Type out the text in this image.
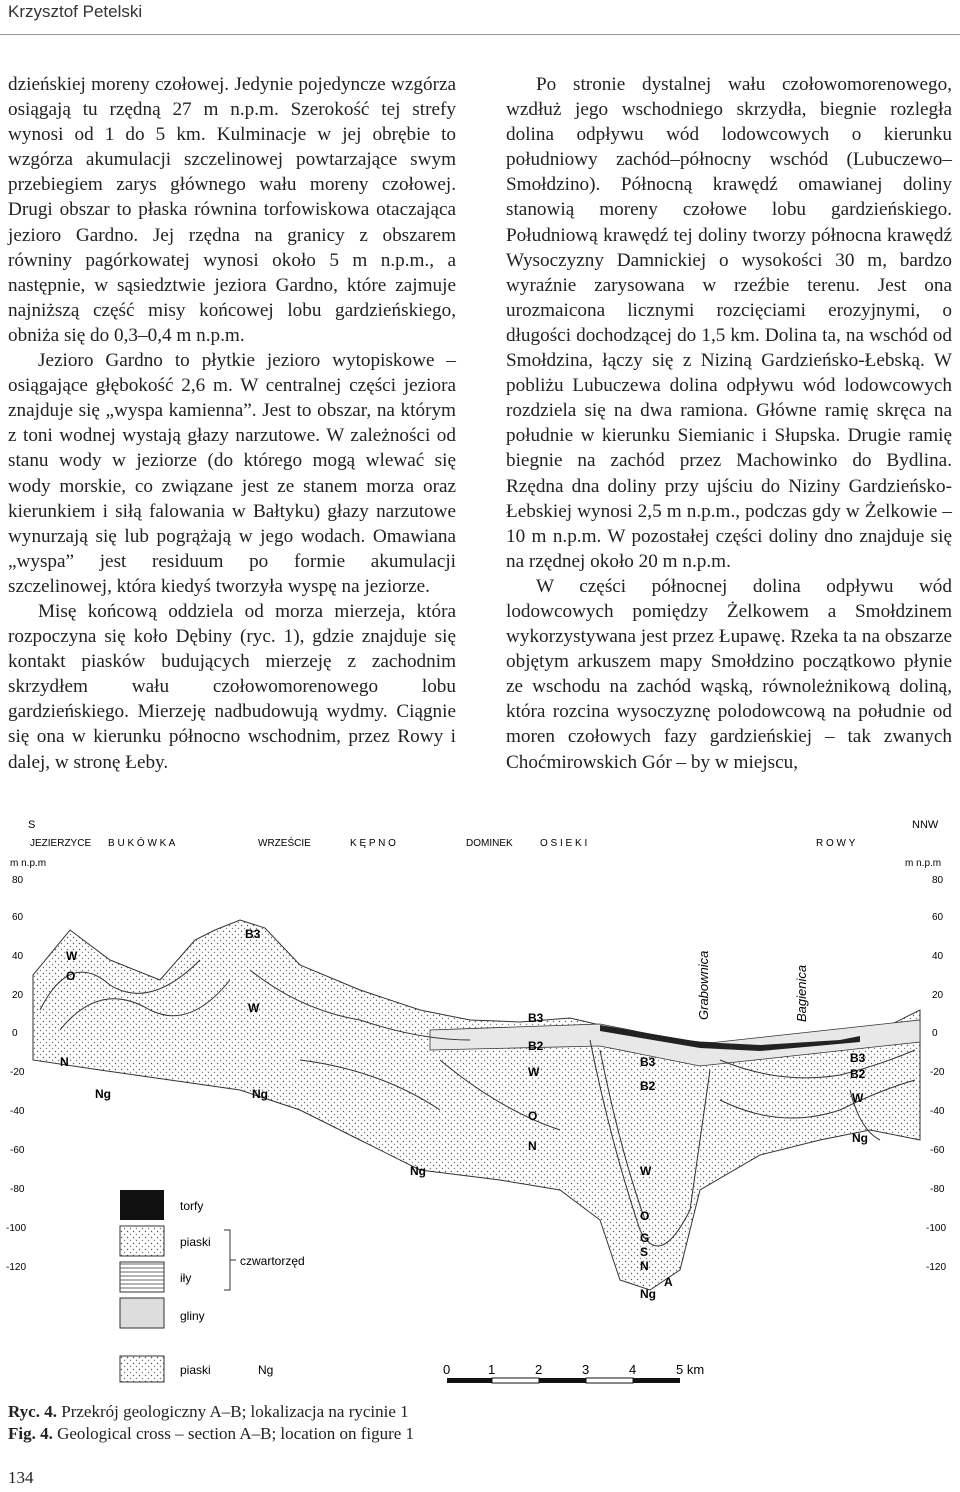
Krzysztof Petelski

dzieńskiej moreny czołowej. Jedynie pojedyncze wzgórza osiągają tu rzędną 27 m n.p.m. Szerokość tej strefy wynosi od 1 do 5 km. Kulminacje w jej obrębie to wzgórza akumulacji szczelinowej powtarzające swym przebiegiem zarys głównego wału moreny czołowej. Drugi obszar to płaska równina torfowiskowa otaczająca jezioro Gardno. Jej rzędna na granicy z obszarem równiny pagórkowatej wynosi około 5 m n.p.m., a następnie, w sąsiedztwie jeziora Gardno, które zajmuje najniższą część misy końcowej lobu gardzieńskiego, obniża się do 0,3–0,4 m n.p.m.

Jezioro Gardno to płytkie jezioro wytopiskowe – osiągające głębokość 2,6 m. W centralnej części jeziora znajduje się „wyspa kamienna”. Jest to obszar, na którym z toni wodnej wystają głazy narzutowe. W zależności od stanu wody w jeziorze (do którego mogą wlewać się wody morskie, co związane jest ze stanem morza oraz kierunkiem i siłą falowania w Bałtyku) głazy narzutowe wynurzają się lub pogrążają w jego wodach. Omawiana „wyspa” jest residuum po formie akumulacji szczelinowej, która kiedyś tworzyła wyspę na jeziorze.

Misę końcową oddziela od morza mierzeja, która rozpoczyna się koło Dębiny (ryc. 1), gdzie znajduje się kontakt piasków budujących mierzeję z zachodnim skrzydłem wału czołowomorenowego lobu gardzieńskiego. Mierzeję nadbudowują wydmy. Ciągnie się ona w kierunku północno wschodnim, przez Rowy i dalej, w stronę Łeby.

Po stronie dystalnej wału czołowomorenowego, wzdłuż jego wschodniego skrzydła, biegnie rozległa dolina odpływu wód lodowcowych o kierunku południowy zachód–północny wschód (Lubuczewo–Smołdzino). Północną krawędź omawianej doliny stanowią moreny czołowe lobu gardzieńskiego. Południową krawędź tej doliny tworzy północna krawędź Wysoczyzny Damnickiej o wysokości 30 m, bardzo wyraźnie zarysowana w rzeźbie terenu. Jest ona urozmaicona licznymi rozcięciami erozyjnymi, o długości dochodzącej do 1,5 km. Dolina ta, na wschód od Smołdzina, łączy się z Niziną Gardzieńsko-Łebską. W pobliżu Lubuczewa dolina odpływu wód lodowcowych rozdziela się na dwa ramiona. Główne ramię skręca na południe w kierunku Siemianic i Słupska. Drugie ramię biegnie na zachód przez Machowinko do Bydlina. Rzędna dna doliny przy ujściu do Niziny Gardzieńsko-Łebskiej wynosi 2,5 m n.p.m., podczas gdy w Żelkowie – 10 m n.p.m. W pozostałej części doliny dno znajduje się na rzędnej około 20 m n.p.m.

W części północnej dolina odpływu wód lodowcowych pomiędzy Żelkowem a Smołdzinem wykorzystywana jest przez Łupawę. Rzeka ta na obszarze objętym arkuszem mapy Smołdzino początkowo płynie ze wschodu na zachód wąską, równoleżnikową doliną, która rozcina wysoczyznę polodowcową na południe od moren czołowych fazy gardzieńskiej – tak zwanych Choćmirowskich Gór – by w miejscu,

S	NNW
JEZIERZYCE B U K Ó W K A	WRZEŚCIE	K Ę P N O	DOMINEK	O S I E K I	R O W Y
m n.p.m	m n.p.m
80
60
40
20
0
-20
-40
-60
-80
-100
-120
80
60
40
20
0
-20
-40
-60
-80
-100
-120
W
O
N
Ng	Ng
B3
W
B3
B2
W
O
N
Ng
B3
B2
W
O
G
S
N
A
Ng
B3
B2
W
Ng
Grabownica	Bagienica
torfy
piaski
iły
gliny
czwartorzęd
piaski	Ng	0	1	2	3	4	5 km
Ryc. 4. Przekrój geologiczny A–B; lokalizacja na rycinie 1
Fig. 4. Geological cross – section A–B; location on figure 1
134
